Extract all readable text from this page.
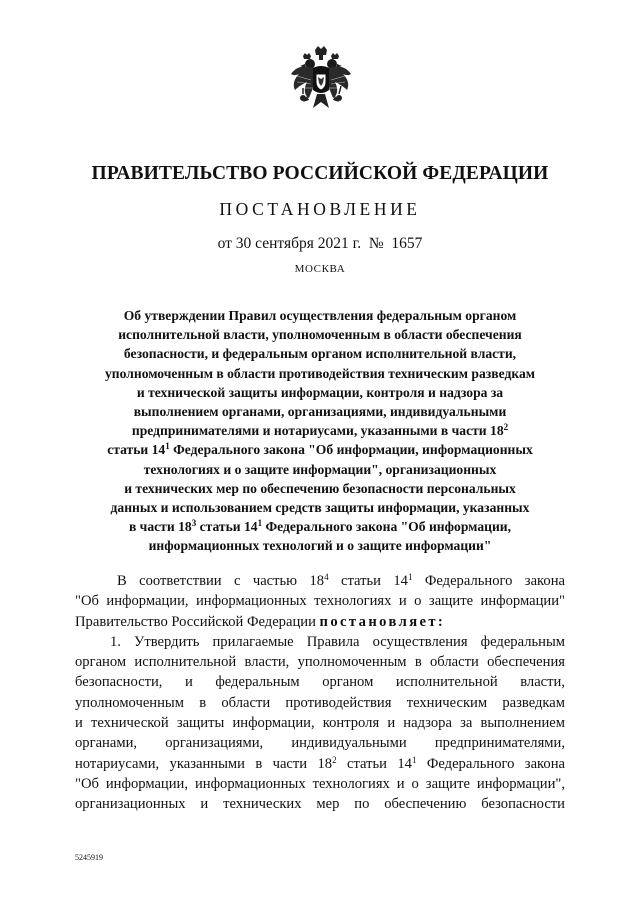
ПРАВИТЕЛЬСТВО РОССИЙСКОЙ ФЕДЕРАЦИИ
ПОСТАНОВЛЕНИЕ
от 30 сентября 2021 г. № 1657
МОСКВА
Об утверждении Правил осуществления федеральным органом
исполнительной власти, уполномоченным в области обеспечения
безопасности, и федеральным органом исполнительной власти,
уполномоченным в области противодействия техническим разведкам
и технической защиты информации, контроля и надзора за
выполнением органами, организациями, индивидуальными
предпринимателями и нотариусами, указанными в части $18^2$
статьи $14^1$ Федерального закона "Об информации, информационных
технологиях и о защите информации", организационных
и технических мер по обеспечению безопасности персональных
данных и использованием средств защиты информации, указанных
в части $18^3$ статьи $14^1$ Федерального закона "Об информации,
информационных технологий и о защите информации"
В соответствии с частью $18^4$ статьи $14^1$ Федерального закона
"Об информации, информационных технологиях и о защите информации"
Правительство Российской Федерации постановляет:
1. Утвердить прилагаемые Правила осуществления федеральным
органом исполнительной власти, уполномоченным в области обеспечения
безопасности, и федеральным органом исполнительной власти,
уполномоченным в области противодействия техническим разведкам
и технической защиты информации, контроля и надзора за выполнением
органами, организациями, индивидуальными предпринимателями,
нотариусами, указанными в части $18^2$ статьи $14^1$ Федерального закона
"Об информации, информационных технологиях и о защите информации",
организационных и технических мер по обеспечению безопасности
5245919
